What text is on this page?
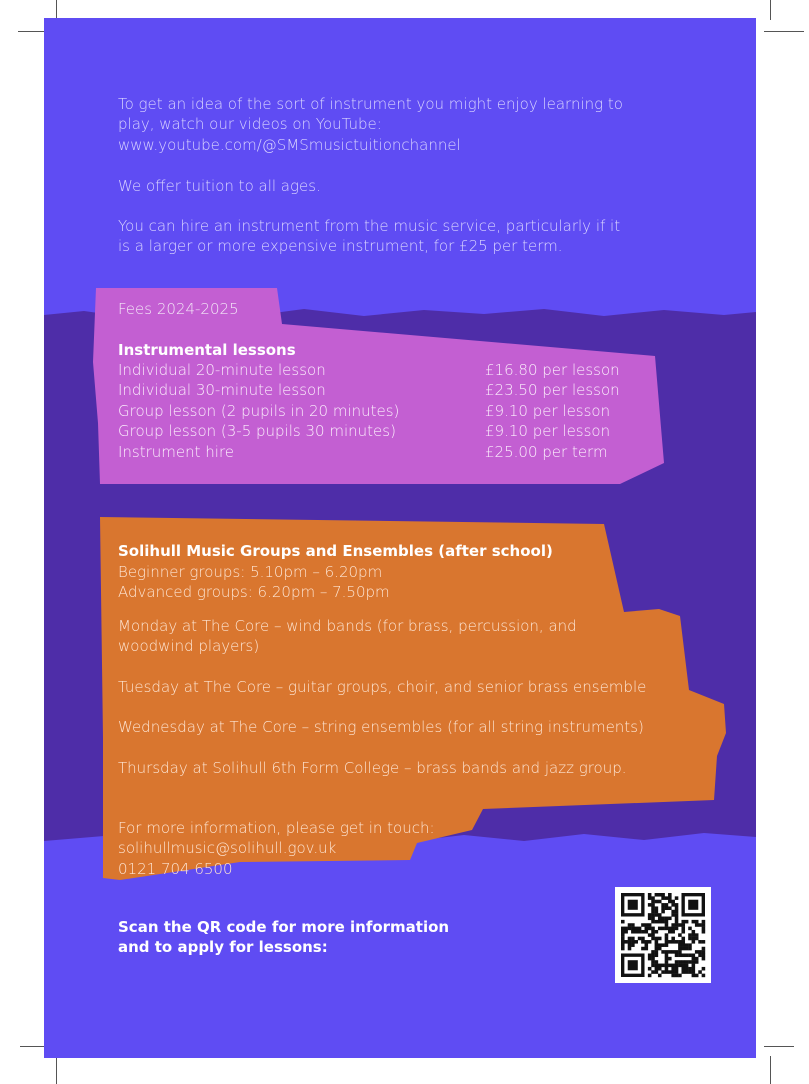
To get an idea of the sort of instrument you might enjoy learning to
play, watch our videos on YouTube:
www.youtube.com/@SMSmusictuitionchannel
We offer tuition to all ages.
You can hire an instrument from the music service, particularly if it
is a larger or more expensive instrument, for £25 per term.
Fees 2024-2025
Instrumental lessons
Individual 20-minute lesson	£16.80 per lesson
Individual 30-minute lesson	£23.50 per lesson
Group lesson (2 pupils in 20 minutes)	£9.10 per lesson
Group lesson (3-5 pupils 30 minutes)	£9.10 per lesson
Instrument hire	£25.00 per term
Solihull Music Groups and Ensembles (after school)
Beginner groups: 5.10pm – 6.20pm
Advanced groups: 6.20pm – 7.50pm
Monday at The Core – wind bands (for brass, percussion, and woodwind players)
Tuesday at The Core – guitar groups, choir, and senior brass ensemble
Wednesday at The Core – string ensembles (for all string instruments)
Thursday at Solihull 6th Form College – brass bands and jazz group.
For more information, please get in touch:
solihullmusic@solihull.gov.uk
0121 704 6500
Scan the QR code for more information
and to apply for lessons:
